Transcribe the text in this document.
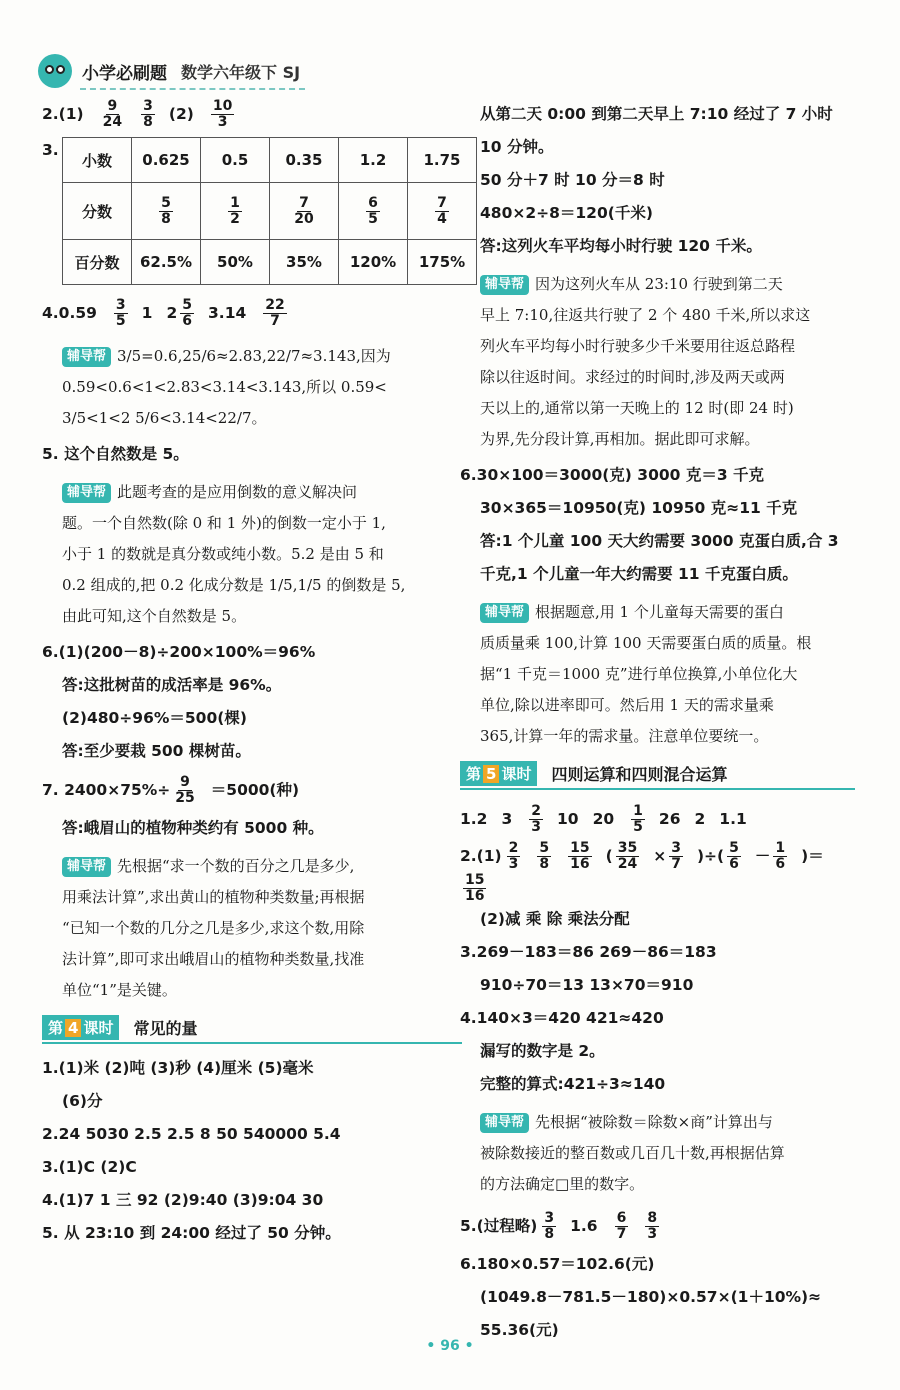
小学必刷题 数学六年级下 SJ
2.(1) 9
24
3
8 (2) 10
3
3.
小数	0.625	0.5	0.35	1.2	1.75
分数	$\frac{5}{8}$	$\frac{1}{2}$	$\frac{7}{20}$	$\frac{6}{5}$	$\frac{7}{4}$

百分数	62.5%	50%	35%	120%	175%
4.0.59 3
5 1 2 5
6 3.14 22
7
辅导帮 3/5=0.6,25/6≈2.83,22/7≈3.143,因为
0.59<0.6<1<2.83<3.14<3.143,所以 0.59<
3/5<1<2 5/6<3.14<22/7。
5. 这个自然数是 5。
辅导帮 此题考查的是应用倒数的意义解决问
题。一个自然数(除 0 和 1 外)的倒数一定小于 1,
小于 1 的数就是真分数或纯小数。5.2 是由 5 和
0.2 组成的,把 0.2 化成分数是 1/5,1/5 的倒数是 5,
由此可知,这个自然数是 5。
6.(1)(200－8)÷200×100%＝96%
答:这批树苗的成活率是 96%。
(2)480÷96%＝500(棵)
答:至少要栽 500 棵树苗。
7. $2400\times 75\%\div \frac{9}{25} =5000$(种)
答:峨眉山的植物种类约有 5000 种。
辅导帮 先根据“求一个数的百分之几是多少,
用乘法计算”,求出黄山的植物种类数量;再根据
“已知一个数的几分之几是多少,求这个数,用除
法计算”,即可求出峨眉山的植物种类数量,找准
单位“1”是关键。
第 4 课时	常见的量
1.(1)米 (2)吨 (3)秒 (4)厘米 (5)毫米
(6)分
2.24 5030 2.5 2.5 8 50 540000 5.4
3.(1)C (2)C
4.(1)7 1 三 92 (2)9:40 (3)9:04 30
5. 从 23:10 到 24:00 经过了 50 分钟。
从第二天 0:00 到第二天早上 7:10 经过了 7 小时
10 分钟。
50 分＋7 时 10 分＝8 时
480×2÷8＝120(千米)
答:这列火车平均每小时行驶 120 千米。
辅导帮 因为这列火车从 23:10 行驶到第二天
早上 7:10,往返共行驶了 2 个 480 千米,所以求这
列火车平均每小时行驶多少千米要用往返总路程
除以往返时间。求经过的时间时,涉及两天或两
天以上的,通常以第一天晚上的 12 时(即 24 时)
为界,先分段计算,再相加。据此即可求解。
6.30×100＝3000(克) 3000 克＝3 千克
30×365＝10950(克) 10950 克≈11 千克
答:1 个儿童 100 天大约需要 3000 克蛋白质,合 3
千克,1 个儿童一年大约需要 11 千克蛋白质。
辅导帮 根据题意,用 1 个儿童每天需要的蛋白
质质量乘 100,计算 100 天需要蛋白质的质量。根
据“1 千克＝1000 克”进行单位换算,小单位化大
单位,除以进率即可。然后用 1 天的需求量乘
365,计算一年的需求量。注意单位要统一。
第 5 课时	四则运算和四则混合运算
1.2 3 2
3 10 20 1
5 26 2 1.1
2.(1) 2
3
5
8
15
16 ( $\frac{35}{24} \times \frac{3}{7}$ )÷( 5
6 － 1
6 )＝
15
16
(2)减 乘 除 乘法分配
3.269－183＝86 269－86＝183
910÷70＝13 13×70＝910
4.140×3＝420 421≈420
漏写的数字是 2。
完整的算式:421÷3≈140
辅导帮 先根据“被除数＝除数×商”计算出与
被除数接近的整百数或几百几十数,再根据估算
的方法确定□里的数字。
5.(过程略) 3
8 1.6 6
7
8
3
6.180×0.57＝102.6(元)
(1049.8－781.5－180)×0.57×(1＋10%)≈
55.36(元)
• 96 •
